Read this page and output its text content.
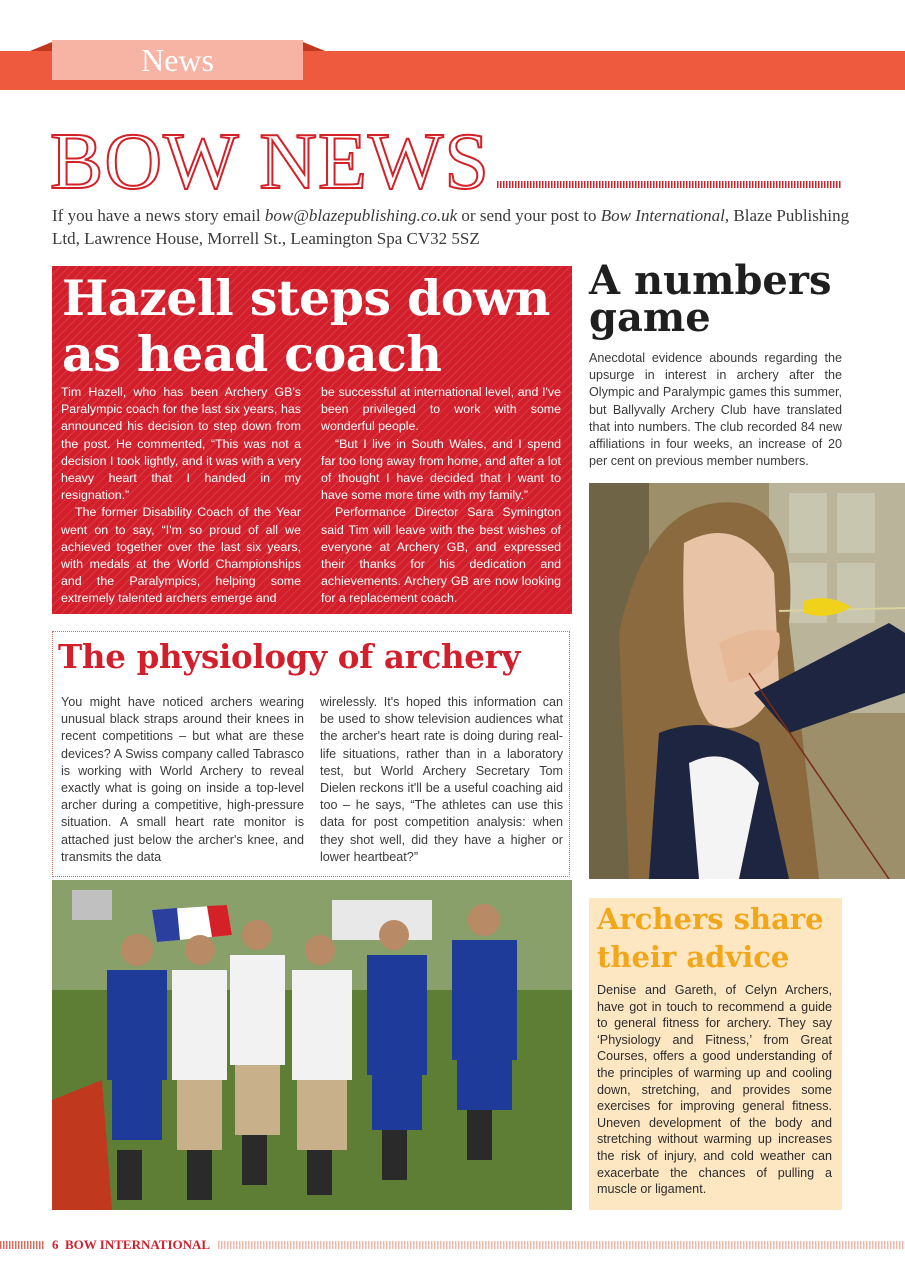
News
BOW NEWS
If you have a news story email bow@blazepublishing.co.uk or send your post to Bow International, Blaze Publishing Ltd, Lawrence House, Morrell St., Leamington Spa CV32 5SZ
Hazell steps down as head coach

Tim Hazell, who has been Archery GB's Paralympic coach for the last six years, has announced his decision to step down from the post. He commented, “This was not a decision I took lightly, and it was with a very heavy heart that I handed in my resignation.”

The former Disability Coach of the Year went on to say, “I'm so proud of all we achieved together over the last six years, with medals at the World Championships and the Paralympics, helping some extremely talented archers emerge and

be successful at international level, and I've been privileged to work with some wonderful people.

“But I live in South Wales, and I spend far too long away from home, and after a lot of thought I have decided that I want to have some more time with my family.”

Performance Director Sara Symington said Tim will leave with the best wishes of everyone at Archery GB, and expressed their thanks for his dedication and achievements. Archery GB are now looking for a replacement coach.

A numbers game
Anecdotal evidence abounds regarding the upsurge in interest in archery after the Olympic and Paralympic games this summer, but Ballyvally Archery Club have translated that into numbers. The club recorded 84 new affiliations in four weeks, an increase of 20 per cent on previous member numbers.
The physiology of archery
You might have noticed archers wearing unusual black straps around their knees in recent competitions – but what are these devices? A Swiss company called Tabrasco is working with World Archery to reveal exactly what is going on inside a top-level archer during a competitive, high-pressure situation. A small heart rate monitor is attached just below the archer's knee, and transmits the data
wirelessly. It's hoped this information can be used to show television audiences what the archer's heart rate is doing during real-life situations, rather than in a laboratory test, but World Archery Secretary Tom Dielen reckons it'll be a useful coaching aid too – he says, “The athletes can use this data for post competition analysis: when they shot well, did they have a higher or lower heartbeat?”
Archers share their advice
Denise and Gareth, of Celyn Archers, have got in touch to recommend a guide to general fitness for archery. They say ‘Physiology and Fitness,’ from Great Courses, offers a good understanding of the principles of warming up and cooling down, stretching, and provides some exercises for improving general fitness. Uneven development of the body and stretching without warming up increases the risk of injury, and cold weather can exacerbate the chances of pulling a muscle or ligament.
6 BOW INTERNATIONAL
